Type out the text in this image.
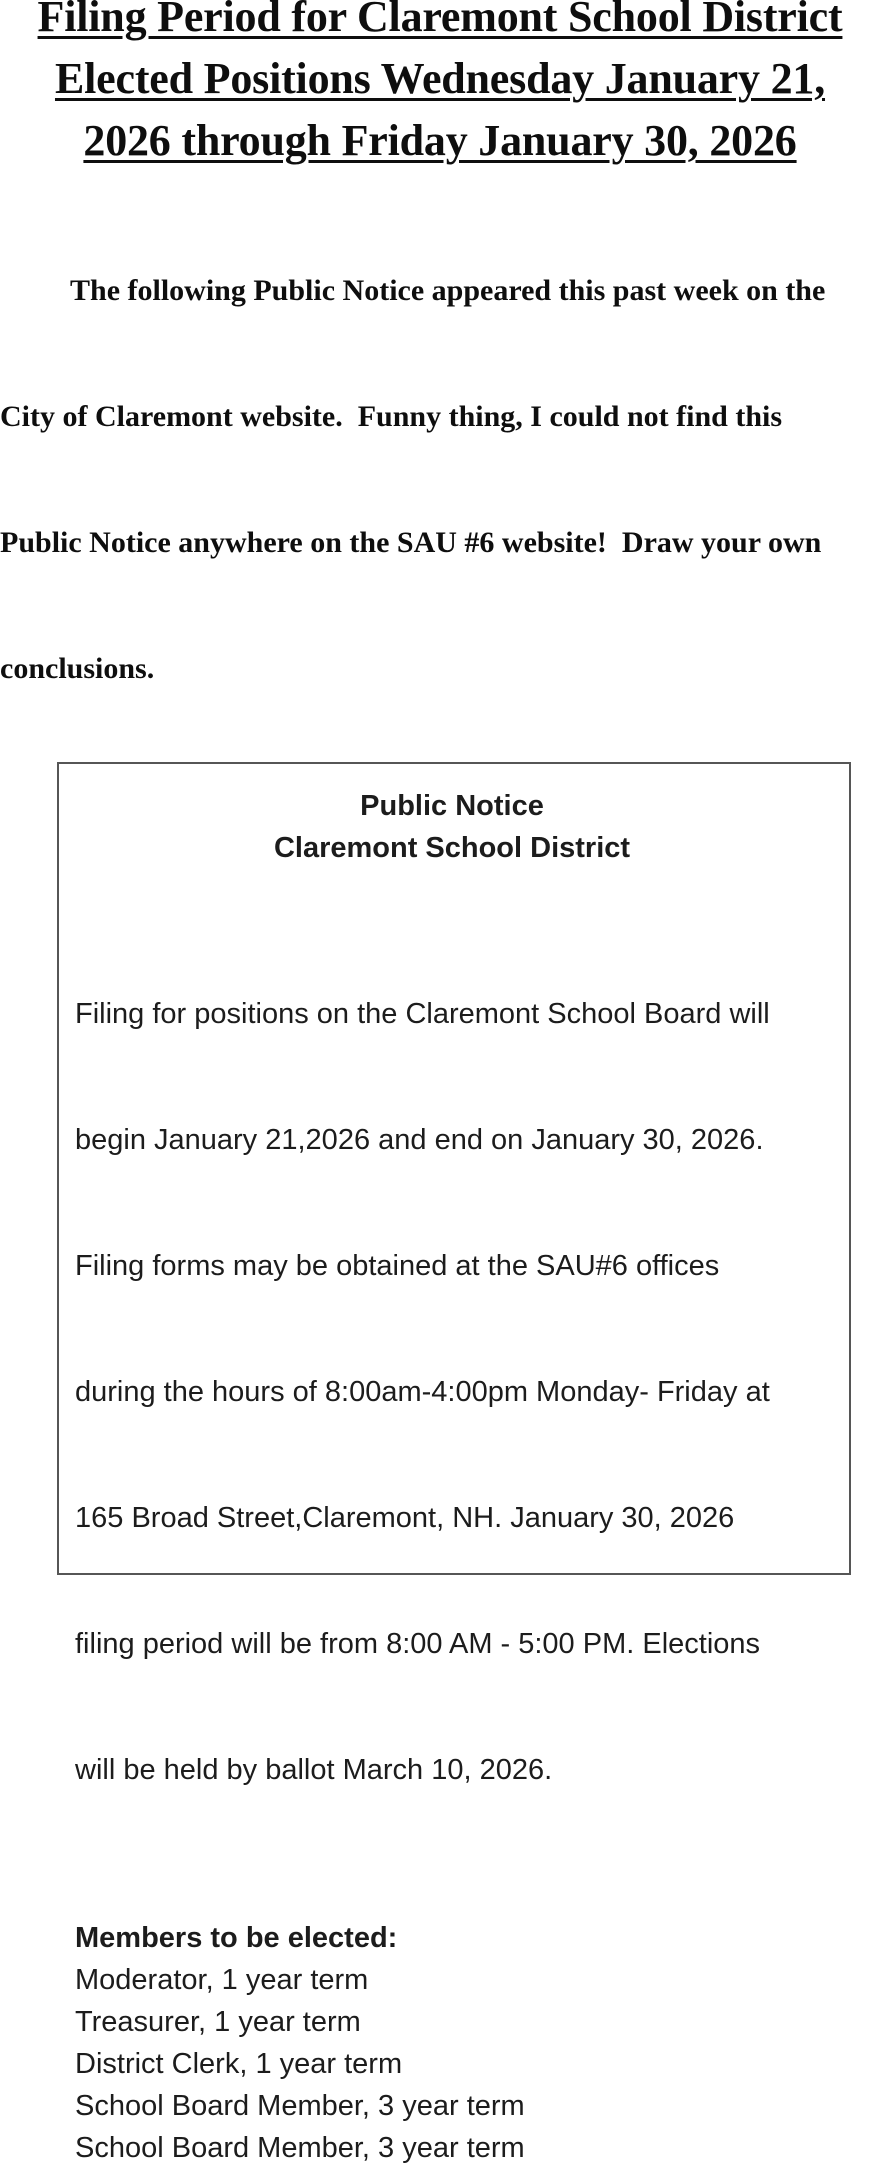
Filing Period for Claremont School District
Elected Positions Wednesday January 21,
2026 through Friday January 30, 2026

The following Public Notice appeared this past week on the

City of Claremont website.  Funny thing, I could not find this

Public Notice anywhere on the SAU #6 website!  Draw your own

conclusions.

Public Notice
Claremont School District

Filing for positions on the Claremont School Board will

begin January 21,2026 and end on January 30, 2026.

Filing forms may be obtained at the SAU#6 offices

during the hours of 8:00am-4:00pm Monday- Friday at

165 Broad Street,Claremont, NH. January 30, 2026

filing period will be from 8:00 AM - 5:00 PM. Elections

will be held by ballot March 10, 2026.

Members to be elected:
Moderator, 1 year term
Treasurer, 1 year term
District Clerk, 1 year term
School Board Member, 3 year term
School Board Member, 3 year term
